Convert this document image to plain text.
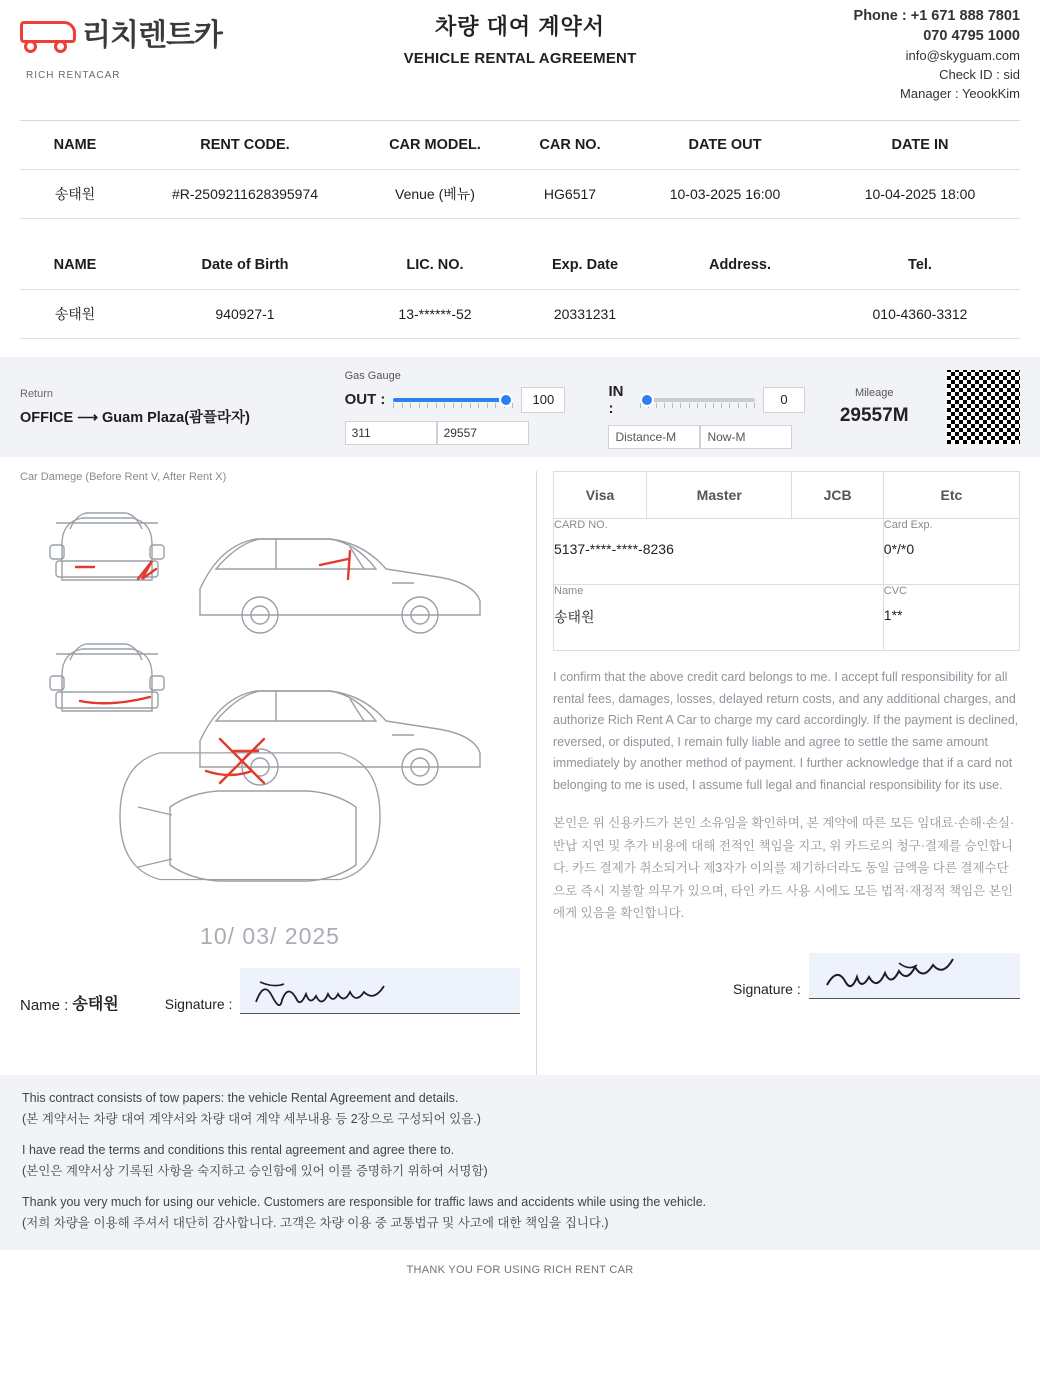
리치렌트카
RICH RENTACAR
차량 대여 계약서
VEHICLE RENTAL AGREEMENT
Phone : +1 671 888 7801
070 4795 1000
info@skyguam.com
Check ID : sid
Manager : YeookKim
NAME	RENT CODE.	CAR MODEL.	CAR NO.	DATE OUT	DATE IN
송태원	#R-2509211628395974	Venue (베뉴)	HG6517	10-03-2025 16:00	10-04-2025 18:00
NAME	Date of Birth	LIC. NO.	Exp. Date	Address.	Tel.
송태원	940927-1	13-******-52	20331231		010-4360-3312
Return
OFFICE ⟶ Guam Plaza(괌플라자)
Gas Gauge
OUT :	100
311	29557

IN :	0
Distance-M	Now-M
Mileage
29557M
Car Damege (Before Rent V, After Rent X)
10/ 03/ 2025
Name : 송태원	Signature :
Visa	Master	JCB	Etc

CARD NO.
5137-****-****-8236

Card Exp.
0*/*0

Name
송태원

CVC
1**
I confirm that the above credit card belongs to me. I accept full responsibility for all rental fees, damages, losses, delayed return costs, and any additional charges, and authorize Rich Rent A Car to charge my card accordingly. If the payment is declined, reversed, or disputed, I remain fully liable and agree to settle the same amount immediately by another method of payment. I further acknowledge that if a card not belonging to me is used, I assume full legal and financial responsibility for its use.
본인은 위 신용카드가 본인 소유임을 확인하며, 본 계약에 따른 모든 임대료·손해·손실·반납 지연 및 추가 비용에 대해 전적인 책임을 지고, 위 카드로의 청구·결제를 승인합니다. 카드 결제가 취소되거나 제3자가 이의를 제기하더라도 동일 금액을 다른 결제수단으로 즉시 지불할 의무가 있으며, 타인 카드 사용 시에도 모든 법적·재정적 책임은 본인에게 있음을 확인합니다.
Signature :

This contract consists of tow papers: the vehicle Rental Agreement and details.

(본 계약서는 차량 대여 계약서와 차량 대여 계약 세부내용 등 2장으로 구성되어 있음.)

I have read the terms and conditions this rental agreement and agree there to.

(본인은 계약서상 기록된 사항을 숙지하고 승인함에 있어 이를 증명하기 위하여 서명함)

Thank you very much for using our vehicle. Customers are responsible for traffic laws and accidents while using the vehicle.

(저희 차량을 이용해 주셔서 대단히 감사합니다. 고객은 차량 이용 중 교통법규 및 사고에 대한 책임을 집니다.)

THANK YOU FOR USING RICH RENT CAR
